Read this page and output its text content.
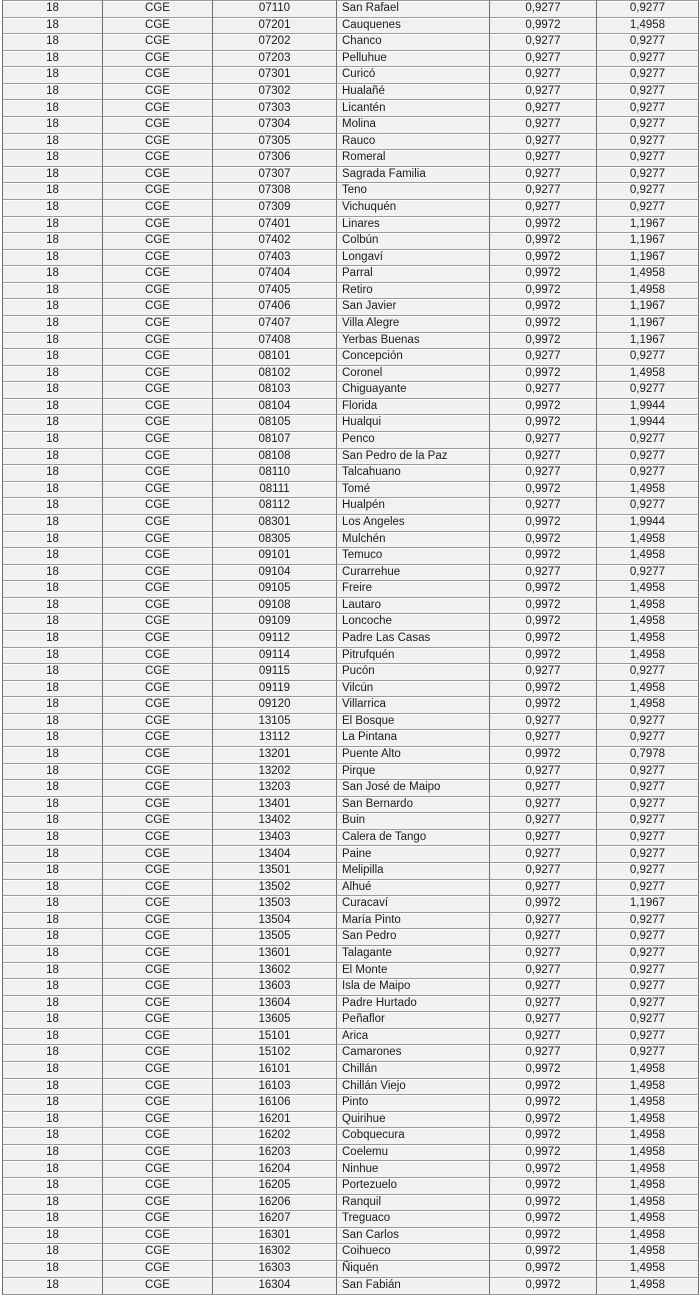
18	CGE	07110	San Rafael	0,9277	0,9277
18	CGE	07201	Cauquenes	0,9972	1,4958
18	CGE	07202	Chanco	0,9277	0,9277
18	CGE	07203	Pelluhue	0,9277	0,9277
18	CGE	07301	Curicó	0,9277	0,9277
18	CGE	07302	Hualañé	0,9277	0,9277
18	CGE	07303	Licantén	0,9277	0,9277
18	CGE	07304	Molina	0,9277	0,9277
18	CGE	07305	Rauco	0,9277	0,9277
18	CGE	07306	Romeral	0,9277	0,9277
18	CGE	07307	Sagrada Familia	0,9277	0,9277
18	CGE	07308	Teno	0,9277	0,9277
18	CGE	07309	Vichuquén	0,9277	0,9277
18	CGE	07401	Linares	0,9972	1,1967
18	CGE	07402	Colbún	0,9972	1,1967
18	CGE	07403	Longaví	0,9972	1,1967
18	CGE	07404	Parral	0,9972	1,4958
18	CGE	07405	Retiro	0,9972	1,4958
18	CGE	07406	San Javier	0,9972	1,1967
18	CGE	07407	Villa Alegre	0,9972	1,1967
18	CGE	07408	Yerbas Buenas	0,9972	1,1967
18	CGE	08101	Concepción	0,9277	0,9277
18	CGE	08102	Coronel	0,9972	1,4958
18	CGE	08103	Chiguayante	0,9277	0,9277
18	CGE	08104	Florida	0,9972	1,9944
18	CGE	08105	Hualqui	0,9972	1,9944
18	CGE	08107	Penco	0,9277	0,9277
18	CGE	08108	San Pedro de la Paz	0,9277	0,9277
18	CGE	08110	Talcahuano	0,9277	0,9277
18	CGE	08111	Tomé	0,9972	1,4958
18	CGE	08112	Hualpén	0,9277	0,9277
18	CGE	08301	Los Angeles	0,9972	1,9944
18	CGE	08305	Mulchén	0,9972	1,4958
18	CGE	09101	Temuco	0,9972	1,4958
18	CGE	09104	Curarrehue	0,9277	0,9277
18	CGE	09105	Freire	0,9972	1,4958
18	CGE	09108	Lautaro	0,9972	1,4958
18	CGE	09109	Loncoche	0,9972	1,4958
18	CGE	09112	Padre Las Casas	0,9972	1,4958
18	CGE	09114	Pitrufquén	0,9972	1,4958
18	CGE	09115	Pucón	0,9277	0,9277
18	CGE	09119	Vilcún	0,9972	1,4958
18	CGE	09120	Villarrica	0,9972	1,4958
18	CGE	13105	El Bosque	0,9277	0,9277
18	CGE	13112	La Pintana	0,9277	0,9277
18	CGE	13201	Puente Alto	0,9972	0,7978
18	CGE	13202	Pirque	0,9277	0,9277
18	CGE	13203	San José de Maipo	0,9277	0,9277
18	CGE	13401	San Bernardo	0,9277	0,9277
18	CGE	13402	Buin	0,9277	0,9277
18	CGE	13403	Calera de Tango	0,9277	0,9277
18	CGE	13404	Paine	0,9277	0,9277
18	CGE	13501	Melipilla	0,9277	0,9277
18	CGE	13502	Alhué	0,9277	0,9277
18	CGE	13503	Curacaví	0,9972	1,1967
18	CGE	13504	María Pinto	0,9277	0,9277
18	CGE	13505	San Pedro	0,9277	0,9277
18	CGE	13601	Talagante	0,9277	0,9277
18	CGE	13602	El Monte	0,9277	0,9277
18	CGE	13603	Isla de Maipo	0,9277	0,9277
18	CGE	13604	Padre Hurtado	0,9277	0,9277
18	CGE	13605	Peñaflor	0,9277	0,9277
18	CGE	15101	Arica	0,9277	0,9277
18	CGE	15102	Camarones	0,9277	0,9277
18	CGE	16101	Chillán	0,9972	1,4958
18	CGE	16103	Chillán Viejo	0,9972	1,4958
18	CGE	16106	Pinto	0,9972	1,4958
18	CGE	16201	Quirihue	0,9972	1,4958
18	CGE	16202	Cobquecura	0,9972	1,4958
18	CGE	16203	Coelemu	0,9972	1,4958
18	CGE	16204	Ninhue	0,9972	1,4958
18	CGE	16205	Portezuelo	0,9972	1,4958
18	CGE	16206	Ranquil	0,9972	1,4958
18	CGE	16207	Treguaco	0,9972	1,4958
18	CGE	16301	San Carlos	0,9972	1,4958
18	CGE	16302	Coihueco	0,9972	1,4958
18	CGE	16303	Ñiquén	0,9972	1,4958
18	CGE	16304	San Fabián	0,9972	1,4958
